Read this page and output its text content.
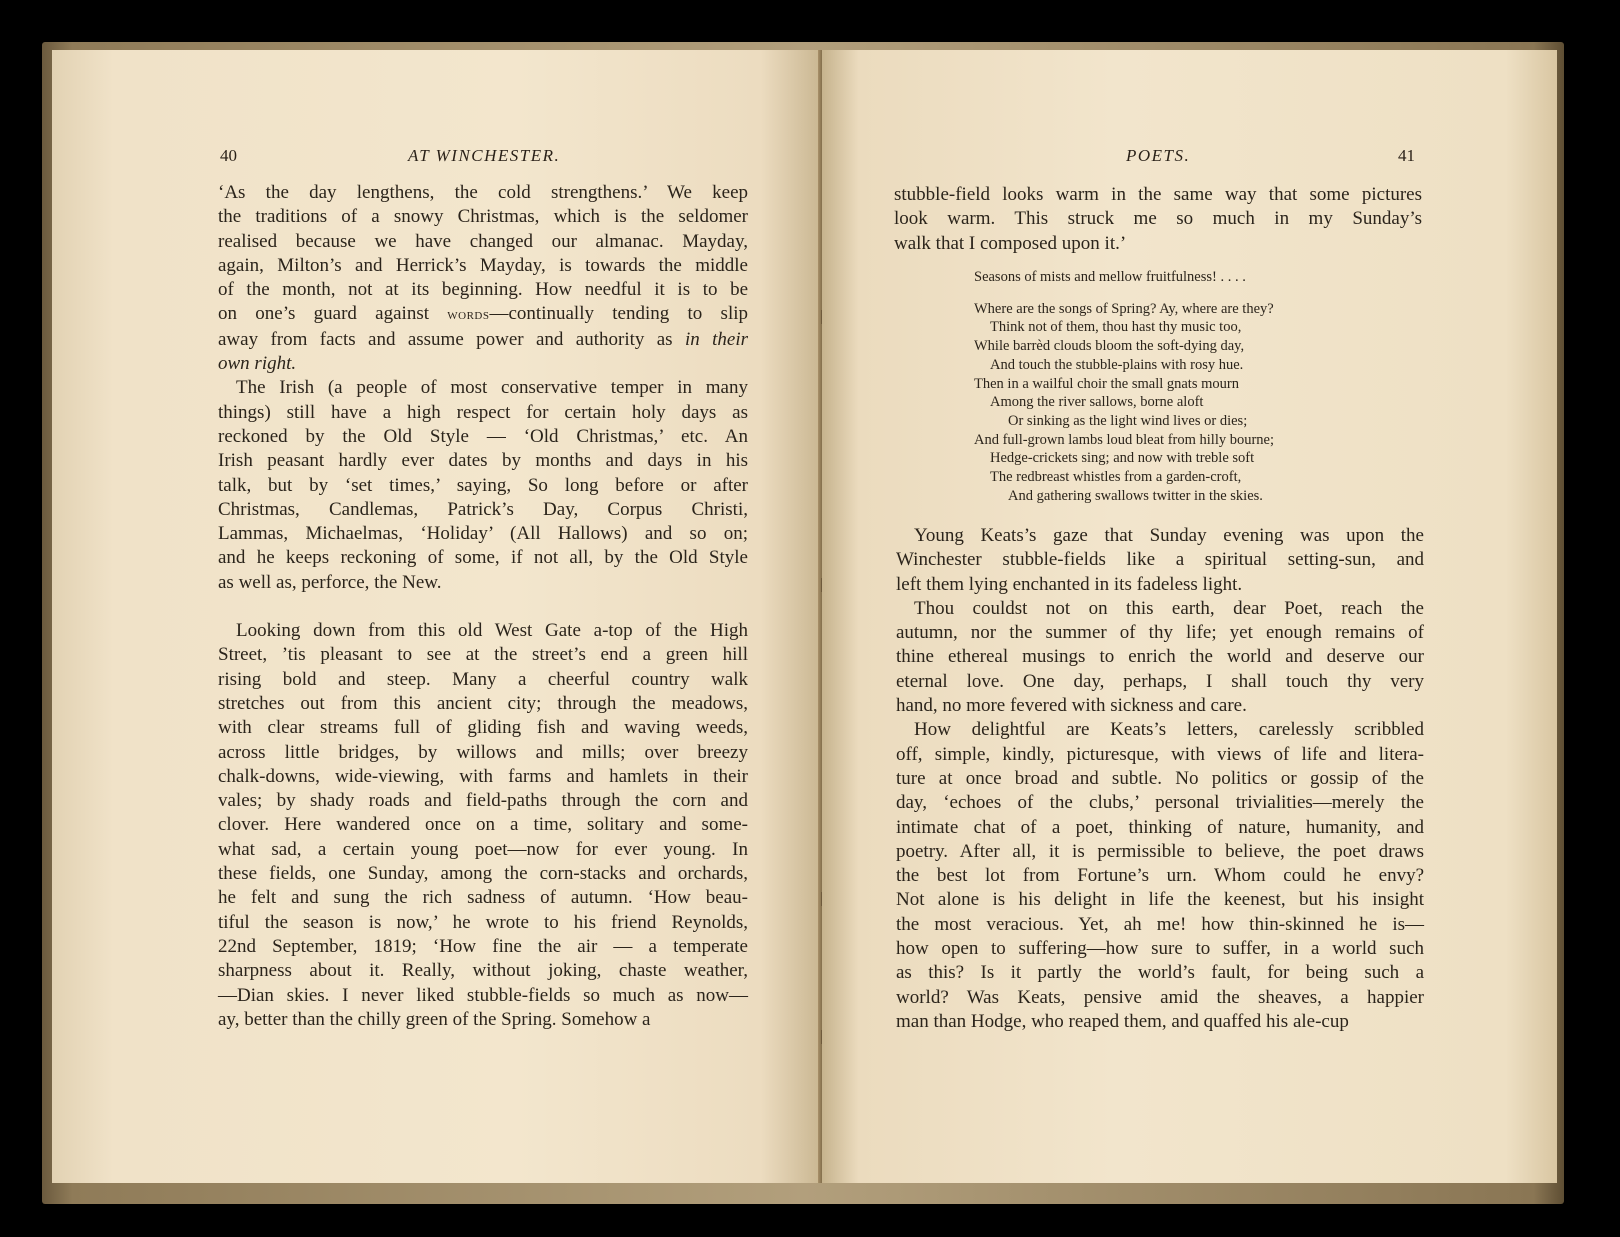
40	AT WINCHESTER.

‘As the day lengthens, the cold strengthens.’ We keep
the traditions of a snowy Christmas, which is the seldomer
realised because we have changed our almanac. Mayday,
again, Milton’s and Herrick’s Mayday, is towards the middle
of the month, not at its beginning. How needful it is to be
on one’s guard against words—continually tending to slip
away from facts and assume power and authority as in their
own right.

The Irish (a people of most conservative temper in many
things) still have a high respect for certain holy days as
reckoned by the Old Style — ‘Old Christmas,’ etc. An
Irish peasant hardly ever dates by months and days in his
talk, but by ‘set times,’ saying, So long before or after
Christmas, Candlemas, Patrick’s Day, Corpus Christi,
Lammas, Michaelmas, ‘Holiday’ (All Hallows) and so on;
and he keeps reckoning of some, if not all, by the Old Style
as well as, perforce, the New.

Looking down from this old West Gate a-top of the High
Street, ’tis pleasant to see at the street’s end a green hill
rising bold and steep. Many a cheerful country walk
stretches out from this ancient city; through the meadows,
with clear streams full of gliding fish and waving weeds,
across little bridges, by willows and mills; over breezy
chalk-downs, wide-viewing, with farms and hamlets in their
vales; by shady roads and field-paths through the corn and
clover. Here wandered once on a time, solitary and some-
what sad, a certain young poet—now for ever young. In
these fields, one Sunday, among the corn-stacks and orchards,
he felt and sung the rich sadness of autumn. ‘How beau-
tiful the season is now,’ he wrote to his friend Reynolds,
22nd September, 1819; ‘How fine the air — a temperate
sharpness about it. Really, without joking, chaste weather,
—Dian skies. I never liked stubble-fields so much as now—
ay, better than the chilly green of the Spring. Somehow a

POETS.	41

stubble-field looks warm in the same way that some pictures
look warm. This struck me so much in my Sunday’s
walk that I composed upon it.’

Seasons of mists and mellow fruitfulness! . . . .
Where are the songs of Spring? Ay, where are they?
Think not of them, thou hast thy music too,
While barrèd clouds bloom the soft-dying day,
And touch the stubble-plains with rosy hue.
Then in a wailful choir the small gnats mourn
Among the river sallows, borne aloft
Or sinking as the light wind lives or dies;
And full-grown lambs loud bleat from hilly bourne;
Hedge-crickets sing; and now with treble soft
The redbreast whistles from a garden-croft,
And gathering swallows twitter in the skies.

Young Keats’s gaze that Sunday evening was upon the
Winchester stubble-fields like a spiritual setting-sun, and
left them lying enchanted in its fadeless light.

Thou couldst not on this earth, dear Poet, reach the
autumn, nor the summer of thy life; yet enough remains of
thine ethereal musings to enrich the world and deserve our
eternal love. One day, perhaps, I shall touch thy very
hand, no more fevered with sickness and care.

How delightful are Keats’s letters, carelessly scribbled
off, simple, kindly, picturesque, with views of life and litera-
ture at once broad and subtle. No politics or gossip of the
day, ‘echoes of the clubs,’ personal trivialities—merely the
intimate chat of a poet, thinking of nature, humanity, and
poetry. After all, it is permissible to believe, the poet draws
the best lot from Fortune’s urn. Whom could he envy?
Not alone is his delight in life the keenest, but his insight
the most veracious. Yet, ah me! how thin-skinned he is—
how open to suffering—how sure to suffer, in a world such
as this? Is it partly the world’s fault, for being such a
world? Was Keats, pensive amid the sheaves, a happier
man than Hodge, who reaped them, and quaffed his ale-cup
